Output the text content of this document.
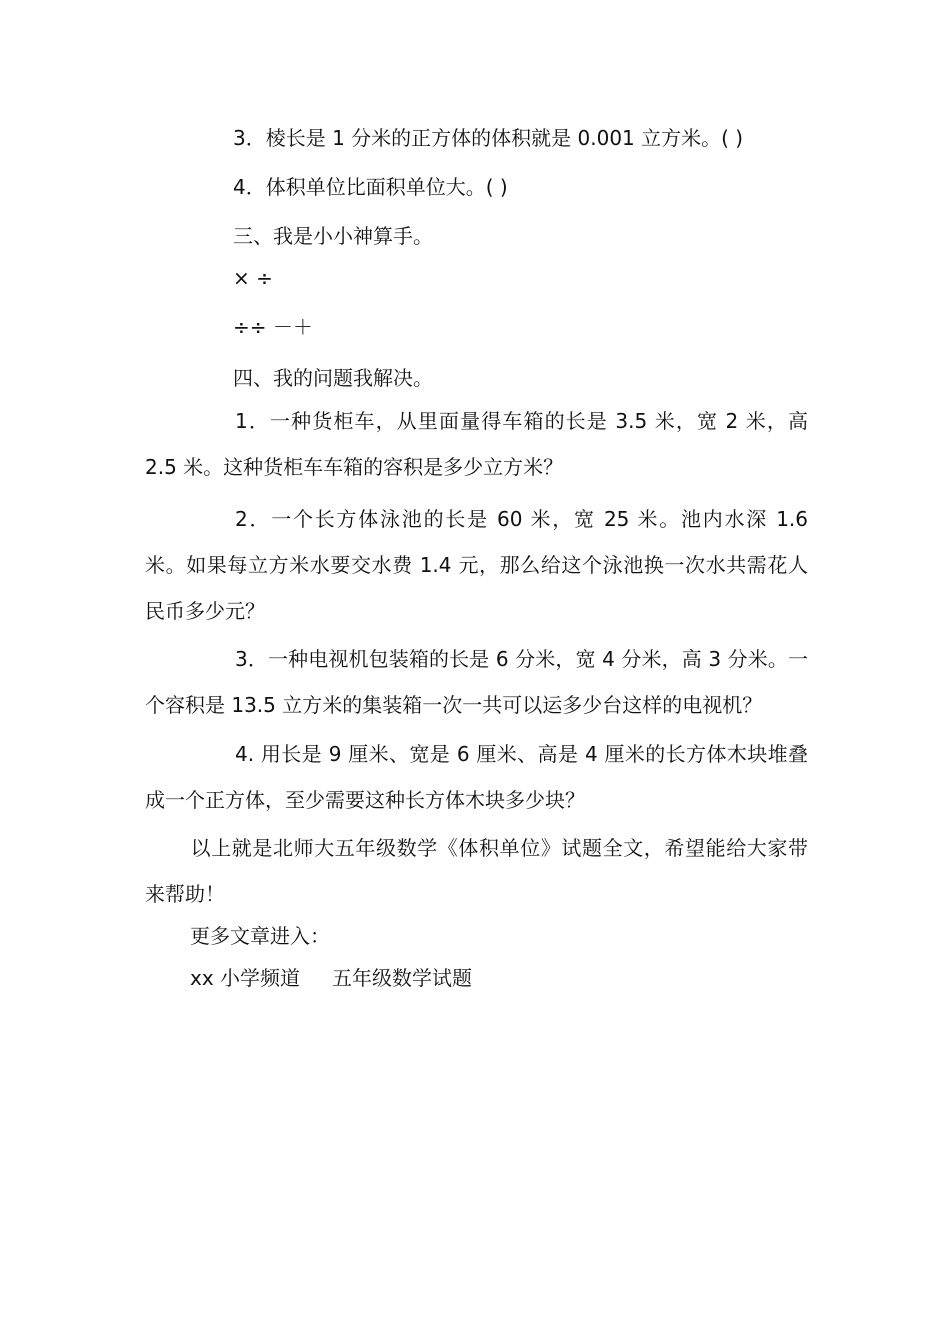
3．棱长是 1 分米的正方体的体积就是 0.001 立方米。( )

4．体积单位比面积单位大。( )

三、我是小小神算手。

× ÷

÷÷ －＋

四、我的问题我解决。

1．一种货柜车，从里面量得车箱的长是 3.5 米，宽 2 米，高 2.5 米。这种货柜车车箱的容积是多少立方米？

2．一个长方体泳池的长是 60 米，宽 25 米。池内水深 1.6 米。如果每立方米水要交水费 1.4 元，那么给这个泳池换一次水共需花人民币多少元？

3．一种电视机包装箱的长是 6 分米，宽 4 分米，高 3 分米。一个容积是 13.5 立方米的集装箱一次一共可以运多少台这样的电视机？

4. 用长是 9 厘米、宽是 6 厘米、高是 4 厘米的长方体木块堆叠成一个正方体，至少需要这种长方体木块多少块？

以上就是北师大五年级数学《体积单位》试题全文，希望能给大家带来帮助！

更多文章进入：

xx 小学频道 五年级数学试题
